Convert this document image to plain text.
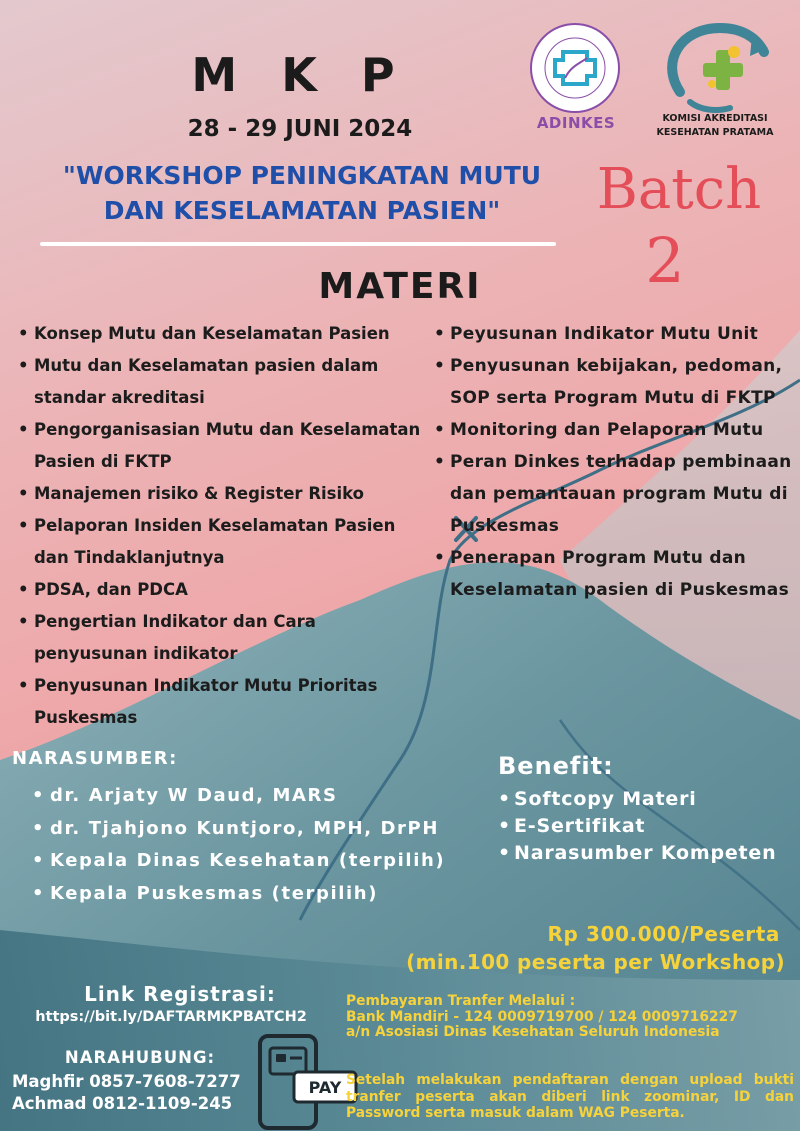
ADINKES	KOMISI AKREDITASI
KESEHATAN PRATAMA
M K P
28 - 29 JUNI 2024
"WORKSHOP PENINGKATAN MUTU
DAN KESELAMATAN PASIEN"	Batch
2
MATERI
• Konsep Mutu dan Keselamatan Pasien
• Mutu dan Keselamatan pasien dalam standar akreditasi
• Pengorganisasian Mutu dan Keselamatan Pasien di FKTP
• Manajemen risiko & Register Risiko
• Pelaporan Insiden Keselamatan Pasien dan Tindaklanjutnya
• PDSA, dan PDCA
• Pengertian Indikator dan Cara penyusunan indikator
• Penyusunan Indikator Mutu Prioritas Puskesmas
• Peyusunan Indikator Mutu Unit
• Penyusunan kebijakan, pedoman, SOP serta Program Mutu di FKTP
• Monitoring dan Pelaporan Mutu
• Peran Dinkes terhadap pembinaan dan pemantauan program Mutu di Puskesmas
• Penerapan Program Mutu dan Keselamatan pasien di Puskesmas
NARASUMBER:
• dr. Arjaty W Daud, MARS
• dr. Tjahjono Kuntjoro, MPH, DrPH
• Kepala Dinas Kesehatan (terpilih)
• Kepala Puskesmas (terpilih)
Benefit:
• Softcopy Materi
• E-Sertifikat
• Narasumber Kompeten
Rp 300.000/Peserta
(min.100 peserta per Workshop)
Link Registrasi:
https://bit.ly/DAFTARMKPBATCH2
NARAHUBUNG:
Maghfir 0857-7608-7277
Achmad 0812-1109-245
PAY
Pembayaran Tranfer Melalui :
Bank Mandiri - 124 0009719700 / 124 0009716227
a/n Asosiasi Dinas Kesehatan Seluruh Indonesia
Setelah melakukan pendaftaran dengan upload bukti tranfer peserta akan diberi link zoominar, ID dan Password serta masuk dalam WAG Peserta.
